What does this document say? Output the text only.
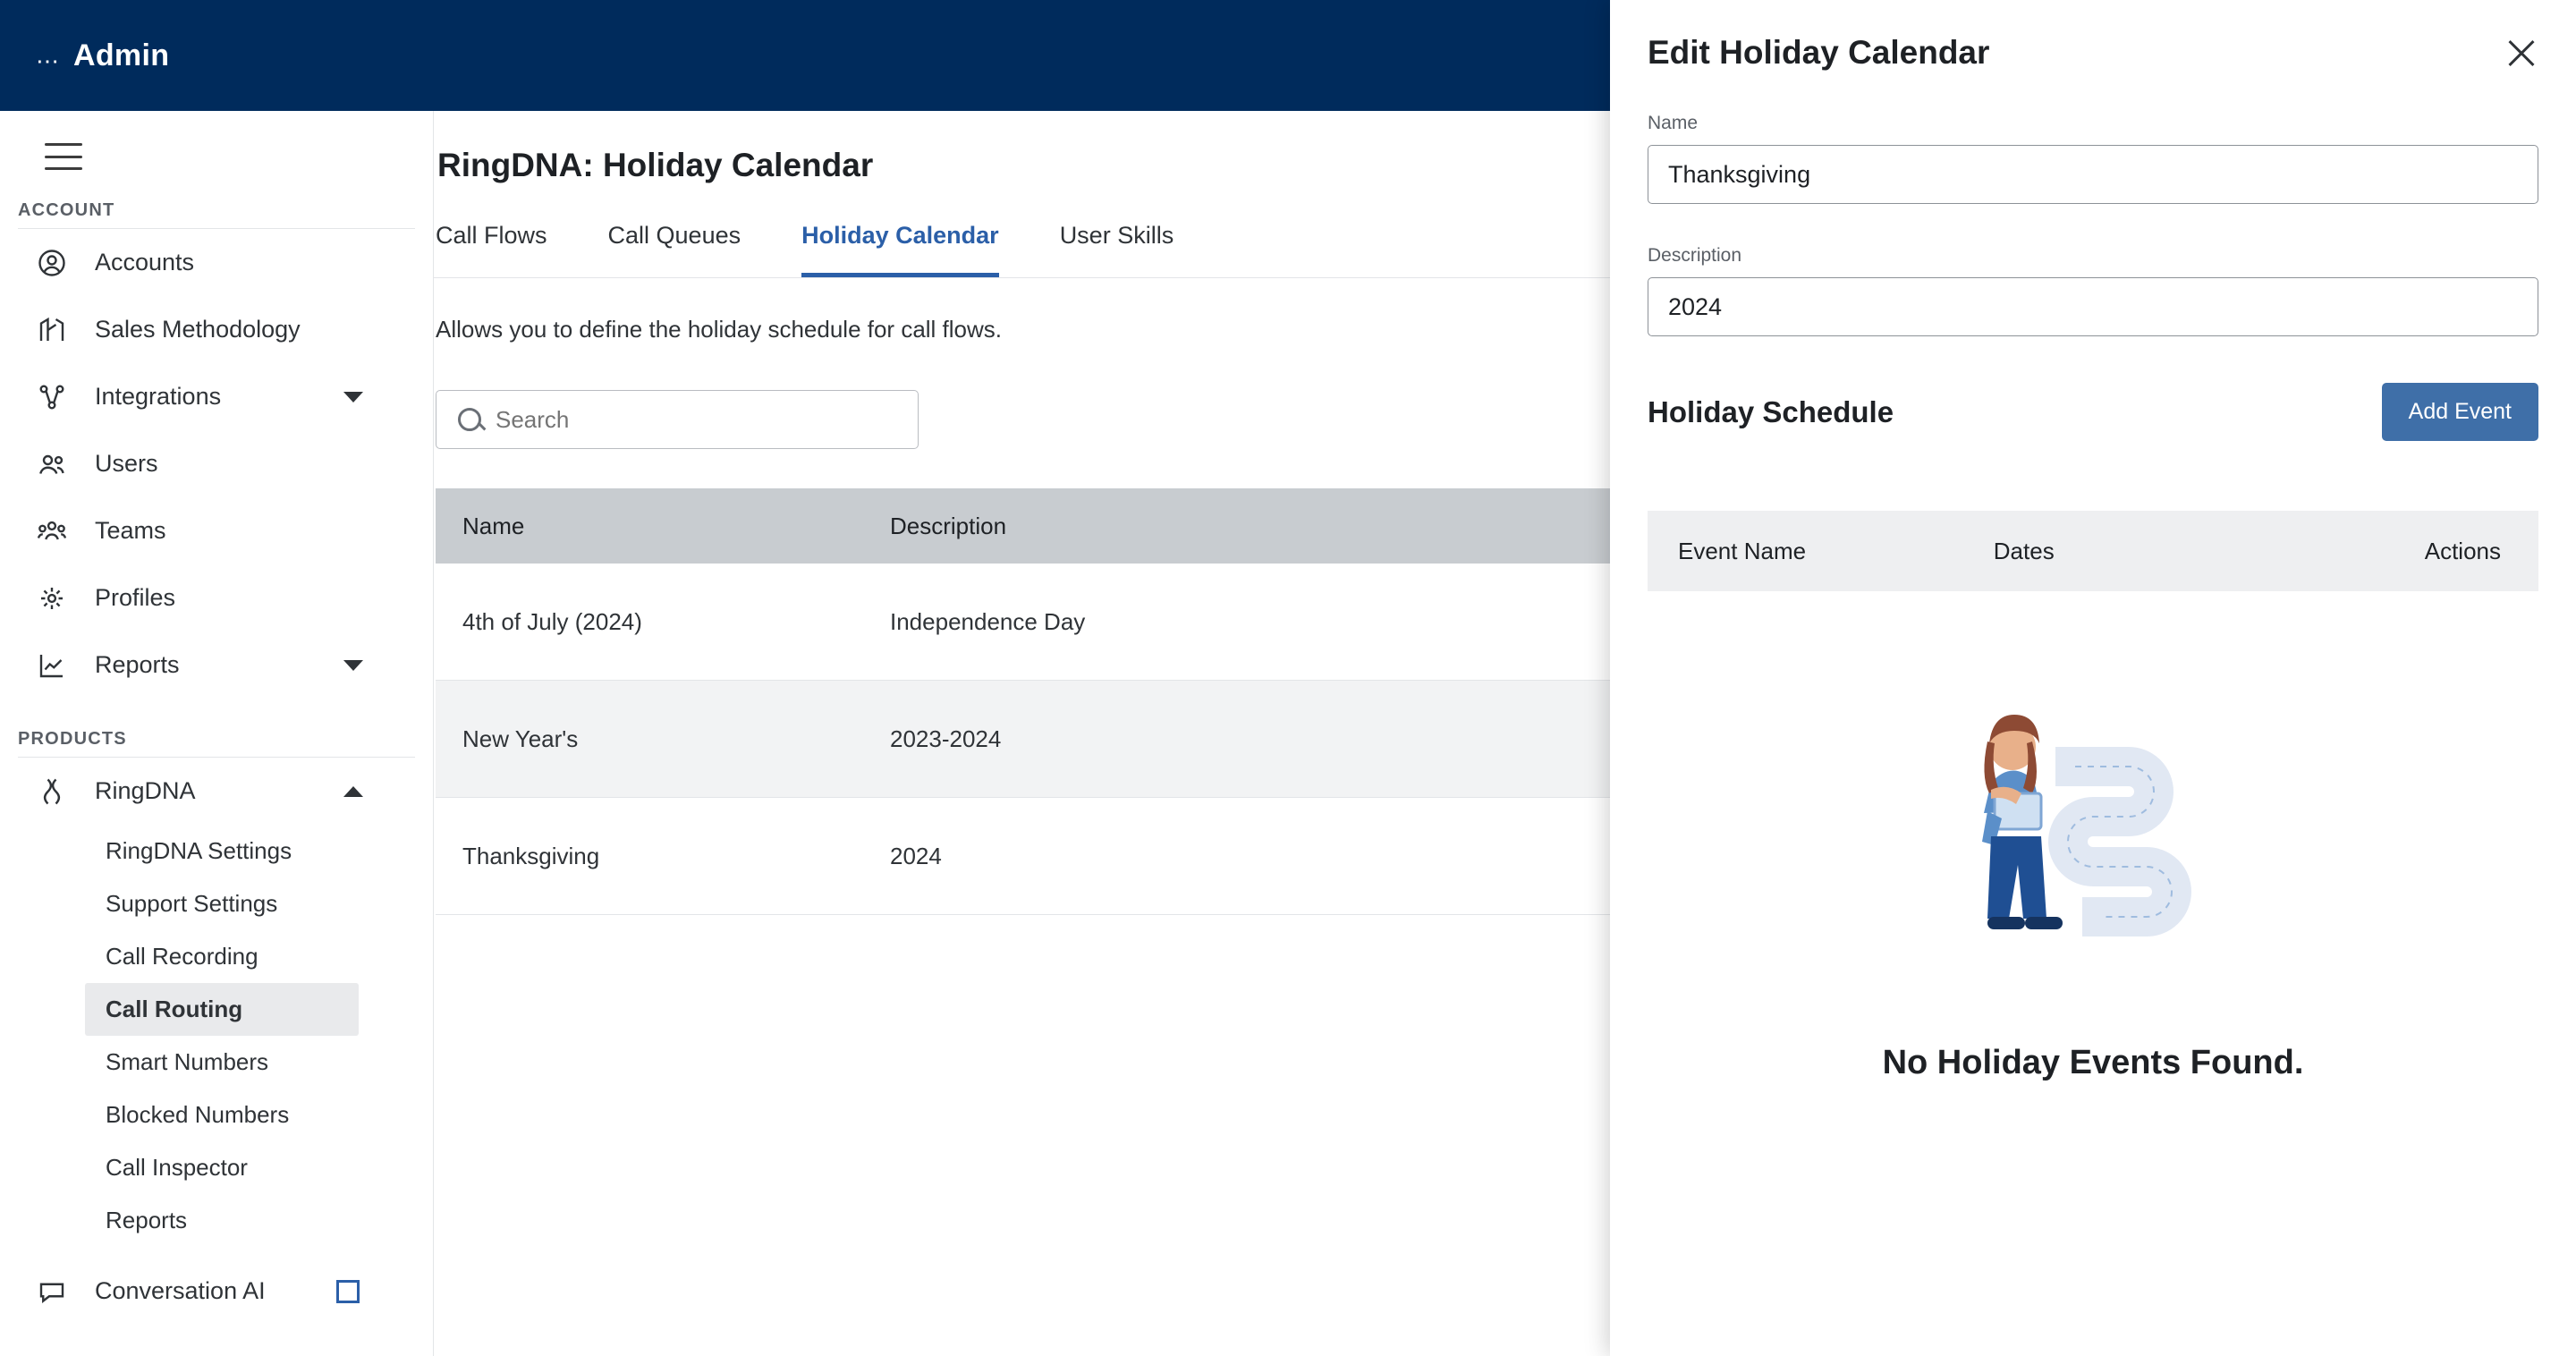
⋯ Admin
ACCOUNT
Accounts
Sales Methodology
Integrations
Users
Teams
Profiles
Reports
PRODUCTS
RingDNA
RingDNA Settings
Support Settings
Call Recording
Call Routing
Smart Numbers
Blocked Numbers
Call Inspector
Reports
Conversation AI
RingDNA: Holiday Calendar
Call Flows	Call Queues	Holiday Calendar	User Skills
Allows you to define the holiday schedule for call flows.
Search
Name	Description
4th of July (2024)	Independence Day
New Year's	2023-2024
Thanksgiving	2024
Edit Holiday Calendar
Name
Thanksgiving
Description
2024
Holiday Schedule	Add Event
Event Name	Dates	Actions
No Holiday Events Found.
